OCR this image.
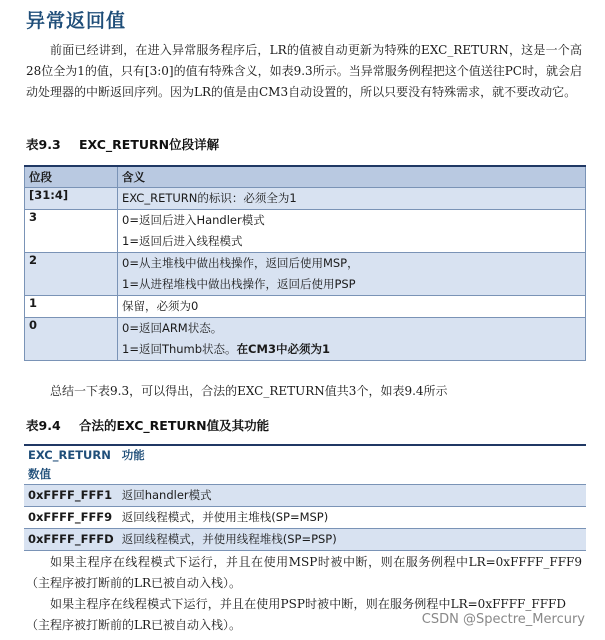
异常返回值

前面已经讲到，在进入异常服务程序后，LR的值被自动更新为特殊的EXC_RETURN，这是一个高28位全为1的值，只有[3:0]的值有特殊含义，如表9.3所示。当异常服务例程把这个值送往PC时，就会启动处理器的中断返回序列。因为LR的值是由CM3自动设置的，所以只要没有特殊需求，就不要改动它。

表9.3 EXC_RETURN位段详解
位段	含义
[31:4]	EXC_RETURN的标识：必须全为1

3	0=返回后进入Handler模式
1=返回后进入线程模式

2	0=从主堆栈中做出栈操作，返回后使用MSP，
1=从进程堆栈中做出栈操作，返回后使用PSP

1	保留，必须为0

0	0=返回ARM状态。
1=返回Thumb状态。在CM3中必须为1

总结一下表9.3，可以得出，合法的EXC_RETURN值共3个，如表9.4所示

表9.4 合法的EXC_RETURN值及其功能
EXC_RETURN数值	功能
0xFFFF_FFF1	返回handler模式
0xFFFF_FFF9	返回线程模式，并使用主堆栈(SP=MSP)
0xFFFF_FFFD	返回线程模式，并使用线程堆栈(SP=PSP)

如果主程序在线程模式下运行，并且在使用MSP时被中断，则在服务例程中LR=0xFFFF_FFF9（主程序被打断前的LR已被自动入栈）。

如果主程序在线程模式下运行，并且在使用PSP时被中断，则在服务例程中LR=0xFFFF_FFFD（主程序被打断前的LR已被自动入栈）。	CSDN @Spectre_Mercury
